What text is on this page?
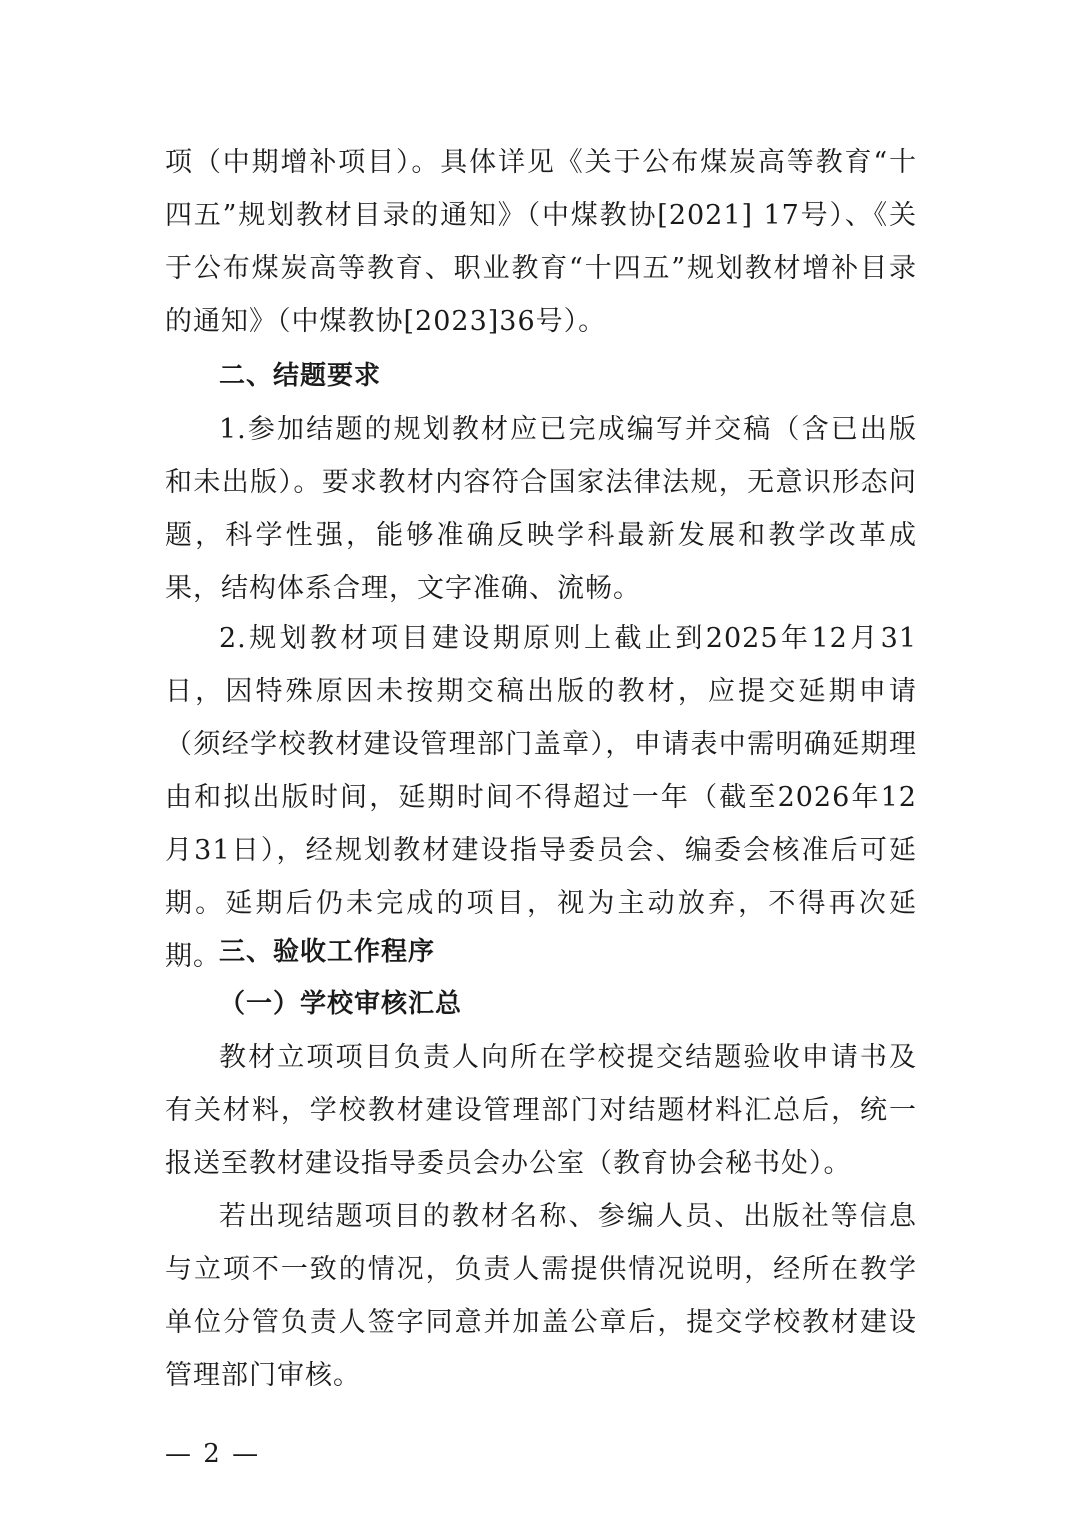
项（中期增补项目）。具体详见《关于公布煤炭高等教育“十四五”规划教材目录的通知》（中煤教协[2021] 17号）、《关于公布煤炭高等教育、职业教育“十四五”规划教材增补目录的通知》（中煤教协[2023]36号）。

二、结题要求

1.参加结题的规划教材应已完成编写并交稿（含已出版和未出版）。要求教材内容符合国家法律法规，无意识形态问题，科学性强，能够准确反映学科最新发展和教学改革成果，结构体系合理，文字准确、流畅。

2.规划教材项目建设期原则上截止到2025年12月31日，因特殊原因未按期交稿出版的教材，应提交延期申请（须经学校教材建设管理部门盖章），申请表中需明确延期理由和拟出版时间，延期时间不得超过一年（截至2026年12月31日），经规划教材建设指导委员会、编委会核准后可延期。延期后仍未完成的项目，视为主动放弃，不得再次延期。

三、验收工作程序

（一）学校审核汇总

教材立项项目负责人向所在学校提交结题验收申请书及有关材料，学校教材建设管理部门对结题材料汇总后，统一报送至教材建设指导委员会办公室（教育协会秘书处）。

若出现结题项目的教材名称、参编人员、出版社等信息与立项不一致的情况，负责人需提供情况说明，经所在教学单位分管负责人签字同意并加盖公章后，提交学校教材建设管理部门审核。

— 2 —
